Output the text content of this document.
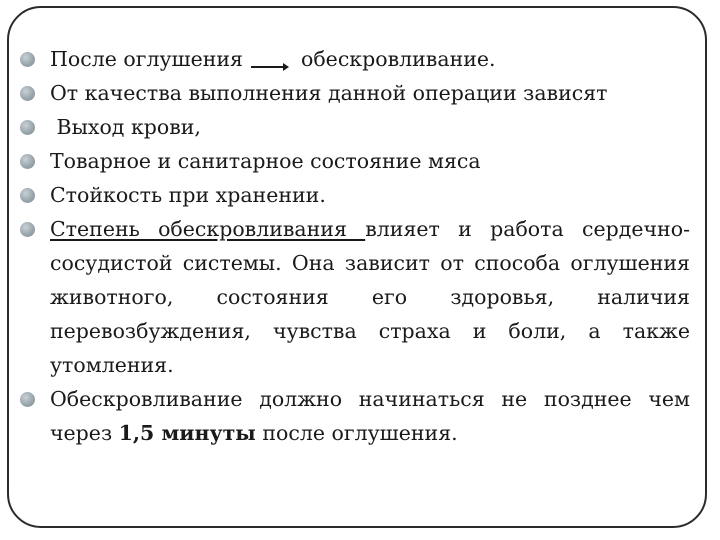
После оглушения	обескровливание.
От качества выполнения данной операции зависят
Выход крови,
Товарное и санитарное состояние мяса
Стойкость при хранении.
Степень обескровливания влияет и работа сердечно-сосудистой системы. Она зависит от способа оглушения животного, состояния его здоровья, наличия перевозбуждения, чувства страха и боли, а также утомления.
Обескровливание должно начинаться не позднее чем через 1,5 минуты после оглушения.
